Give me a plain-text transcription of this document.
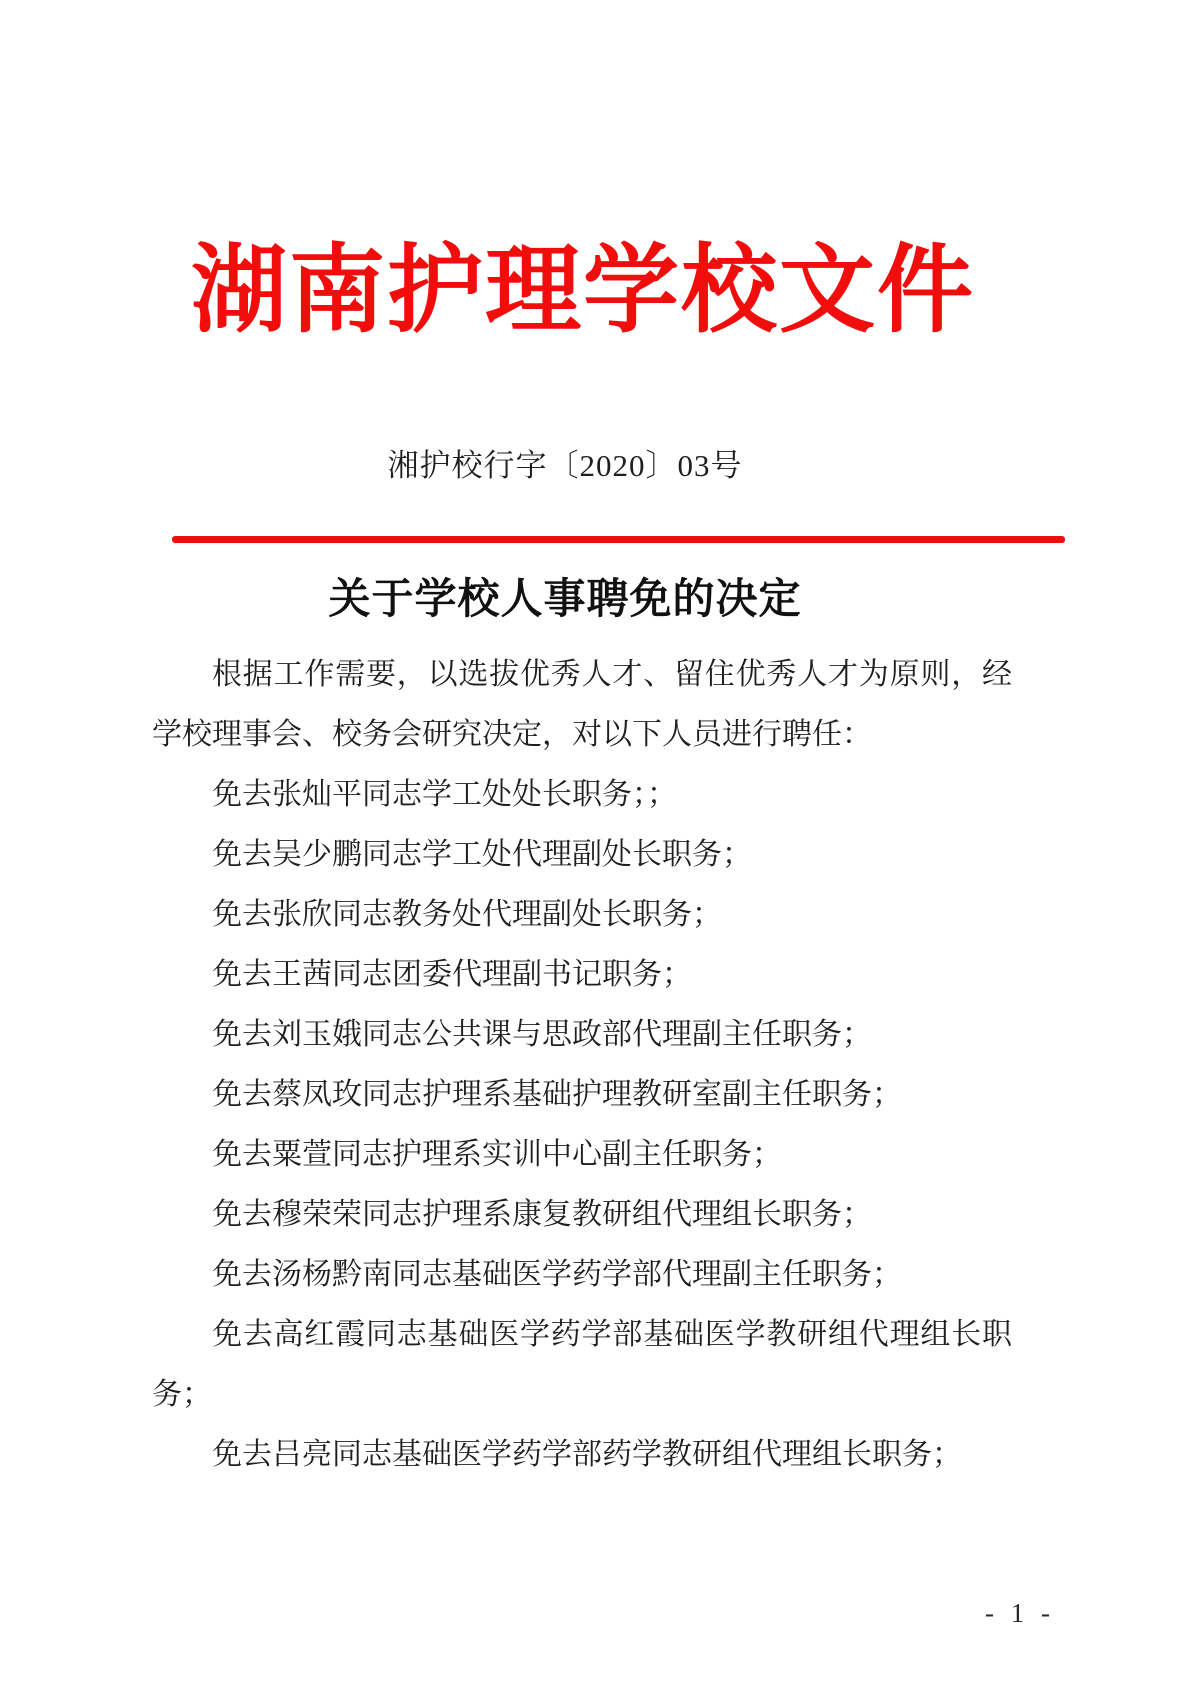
湖南护理学校文件
湘护校行字〔2020〕03号
关于学校人事聘免的决定

根据工作需要，以选拔优秀人才、留住优秀人才为原则，经学校理事会、校务会研究决定，对以下人员进行聘任：

免去张灿平同志学工处处长职务；；

免去吴少鹏同志学工处代理副处长职务；

免去张欣同志教务处代理副处长职务；

免去王茜同志团委代理副书记职务；

免去刘玉娥同志公共课与思政部代理副主任职务；

免去蔡凤玫同志护理系基础护理教研室副主任职务；

免去粟萱同志护理系实训中心副主任职务；

免去穆荣荣同志护理系康复教研组代理组长职务；

免去汤杨黔南同志基础医学药学部代理副主任职务；

免去高红霞同志基础医学药学部基础医学教研组代理组长职务；

免去吕亮同志基础医学药学部药学教研组代理组长职务；

- 1 -
